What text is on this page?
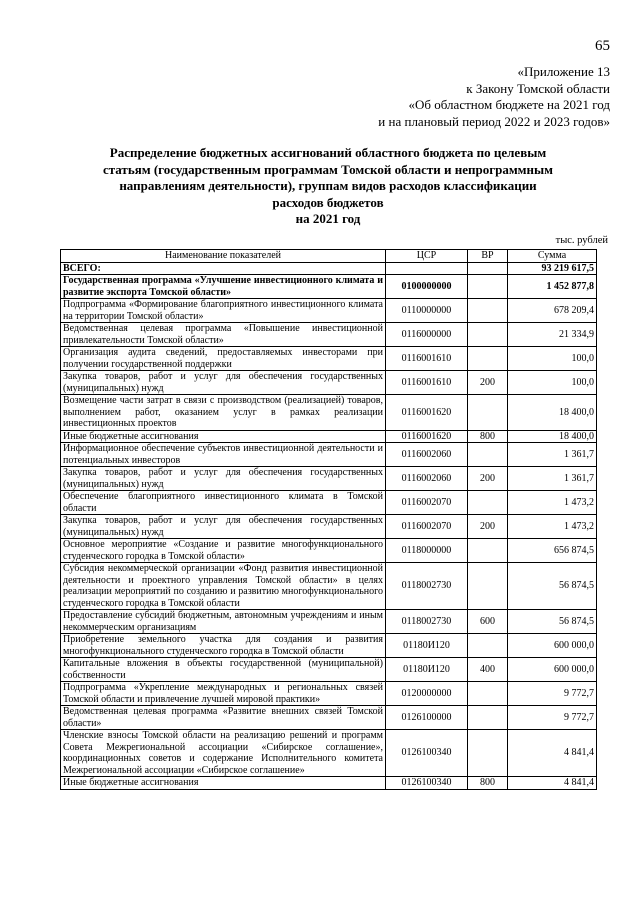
65
«Приложение 13
к Закону Томской области
«Об областном бюджете на 2021 год
и на плановый период 2022 и 2023 годов»
Распределение бюджетных ассигнований областного бюджета по целевым
статьям (государственным программам Томской области и непрограммным
направлениям деятельности), группам видов расходов классификации
расходов бюджетов
на 2021 год
тыс. рублей
Наименование показателей	ЦСР	ВР	Сумма
ВСЕГО:			93 219 617,5
Государственная программа «Улучшение инвестиционного климата и развитие экспорта Томской области»	0100000000		1 452 877,8
Подпрограмма «Формирование благоприятного инвестиционного климата на территории Томской области»	0110000000		678 209,4
Ведомственная целевая программа «Повышение инвестиционной привлекательности Томской области»	0116000000		21 334,9
Организация аудита сведений, предоставляемых инвесторами при получении государственной поддержки	0116001610		100,0
Закупка товаров, работ и услуг для обеспечения государственных (муниципальных) нужд	0116001610	200	100,0
Возмещение части затрат в связи с производством (реализацией) товаров, выполнением работ, оказанием услуг в рамках реализации инвестиционных проектов	0116001620		18 400,0
Иные бюджетные ассигнования	0116001620	800	18 400,0
Информационное обеспечение субъектов инвестиционной деятельности и потенциальных инвесторов	0116002060		1 361,7
Закупка товаров, работ и услуг для обеспечения государственных (муниципальных) нужд	0116002060	200	1 361,7
Обеспечение благоприятного инвестиционного климата в Томской области	0116002070		1 473,2
Закупка товаров, работ и услуг для обеспечения государственных (муниципальных) нужд	0116002070	200	1 473,2
Основное мероприятие «Создание и развитие многофункционального студенческого городка в Томской области»	0118000000		656 874,5
Субсидия некоммерческой организации «Фонд развития инвестиционной деятельности и проектного управления Томской области» в целях реализации мероприятий по созданию и развитию многофункционального студенческого городка в Томской области	0118002730		56 874,5
Предоставление субсидий бюджетным, автономным учреждениям и иным некоммерческим организациям	0118002730	600	56 874,5
Приобретение земельного участка для создания и развития многофункционального студенческого городка в Томской области	01180И120		600 000,0
Капитальные вложения в объекты государственной (муниципальной) собственности	01180И120	400	600 000,0
Подпрограмма «Укрепление международных и региональных связей Томской области и привлечение лучшей мировой практики»	0120000000		9 772,7
Ведомственная целевая программа «Развитие внешних связей Томской области»	0126100000		9 772,7
Членские взносы Томской области на реализацию решений и программ Совета Межрегиональной ассоциации «Сибирское соглашение», координационных советов и содержание Исполнительного комитета Межрегиональной ассоциации «Сибирское соглашение»	0126100340		4 841,4
Иные бюджетные ассигнования	0126100340	800	4 841,4
